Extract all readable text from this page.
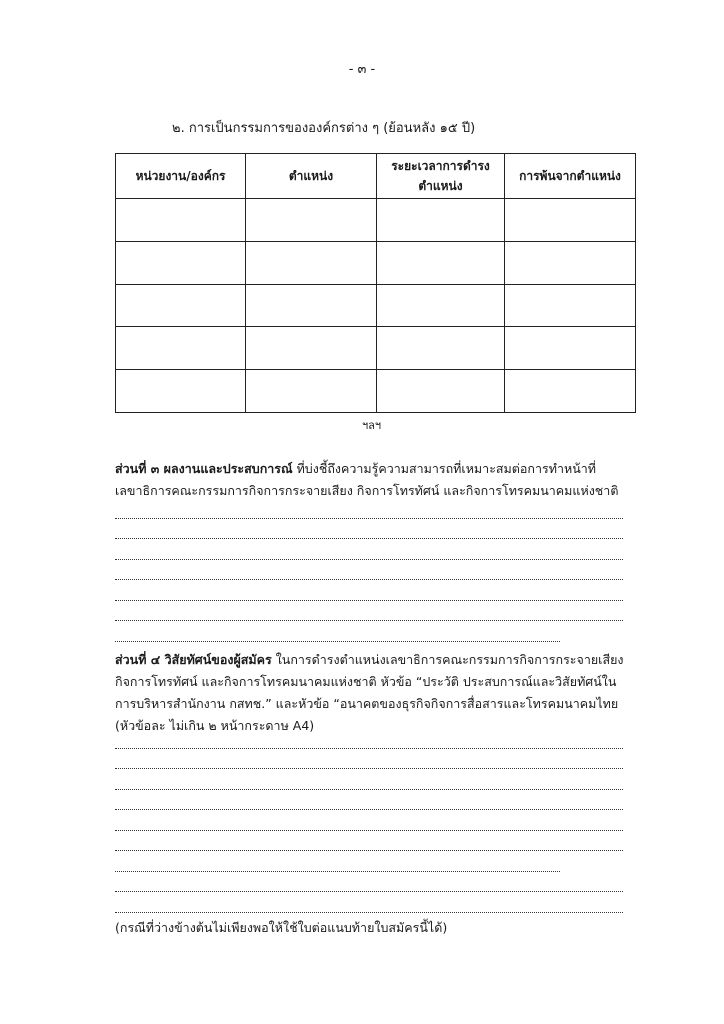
- ๓ -
๒. การเป็นกรรมการขององค์กรต่าง ๆ (ย้อนหลัง ๑๕ ปี)
หน่วยงาน/องค์กร	ตำแหน่ง	ระยะเวลาการดำรง ตำแหน่ง	การพ้นจากตำแหน่ง

ฯลฯ
ส่วนที่ ๓ ผลงานและประสบการณ์ ที่บ่งชี้ถึงความรู้ความสามารถที่เหมาะสมต่อการทำหน้าที่เลขาธิการคณะกรรมการกิจการกระจายเสียง กิจการโทรทัศน์ และกิจการโทรคมนาคมแห่งชาติ
ส่วนที่ ๔ วิสัยทัศน์ของผู้สมัคร ในการดำรงตำแหน่งเลขาธิการคณะกรรมการกิจการกระจายเสียง กิจการโทรทัศน์ และกิจการโทรคมนาคมแห่งชาติ หัวข้อ “ประวัติ ประสบการณ์และวิสัยทัศน์ในการบริหารสำนักงาน กสทช.” และหัวข้อ “อนาคตของธุรกิจกิจการสื่อสารและโทรคมนาคมไทย (หัวข้อละ ไม่เกิน ๒ หน้ากระดาษ A4)
(กรณีที่ว่างข้างต้นไม่เพียงพอให้ใช้ใบต่อแนบท้ายใบสมัครนี้ได้)
